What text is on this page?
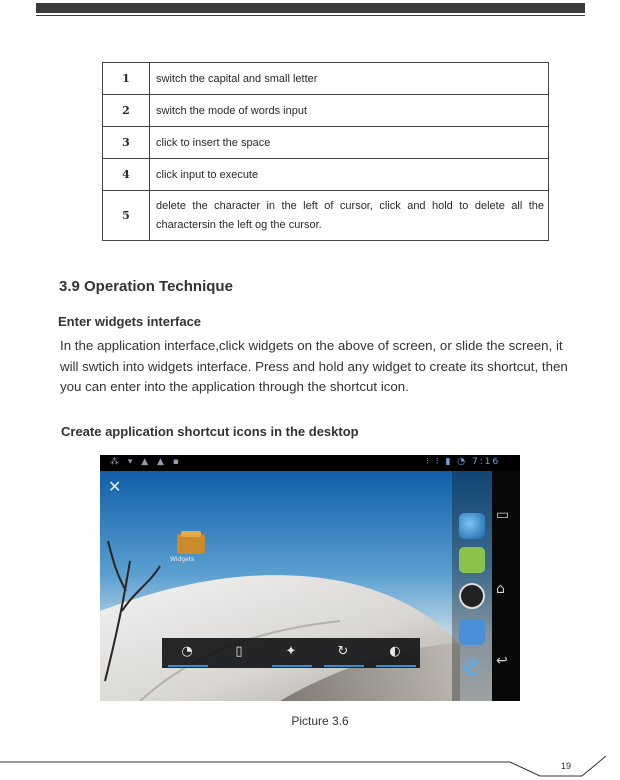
1	switch the capital and small letter
2	switch the mode of words input
3	click to insert the space
4	click input to execute
5	delete the character in the left of cursor, click and hold to delete all the charactersin the left og the cursor.
3.9 Operation Technique
Enter widgets interface

In the application interface,click widgets on the above of screen, or slide the screen, it will swtich into widgets interface. Press and hold any widget to create its shortcut, then you can enter into the application through the shortcut icon.

Create application shortcut icons in the desktop
⁂ ▾ ▲ ▲ ▪	⁝ ⁝ ▮ ◔ 7:16
✕
Widgets
✆
▭
⌂
↩
◔	▯	✦	↻	◐

Picture 3.6

19
